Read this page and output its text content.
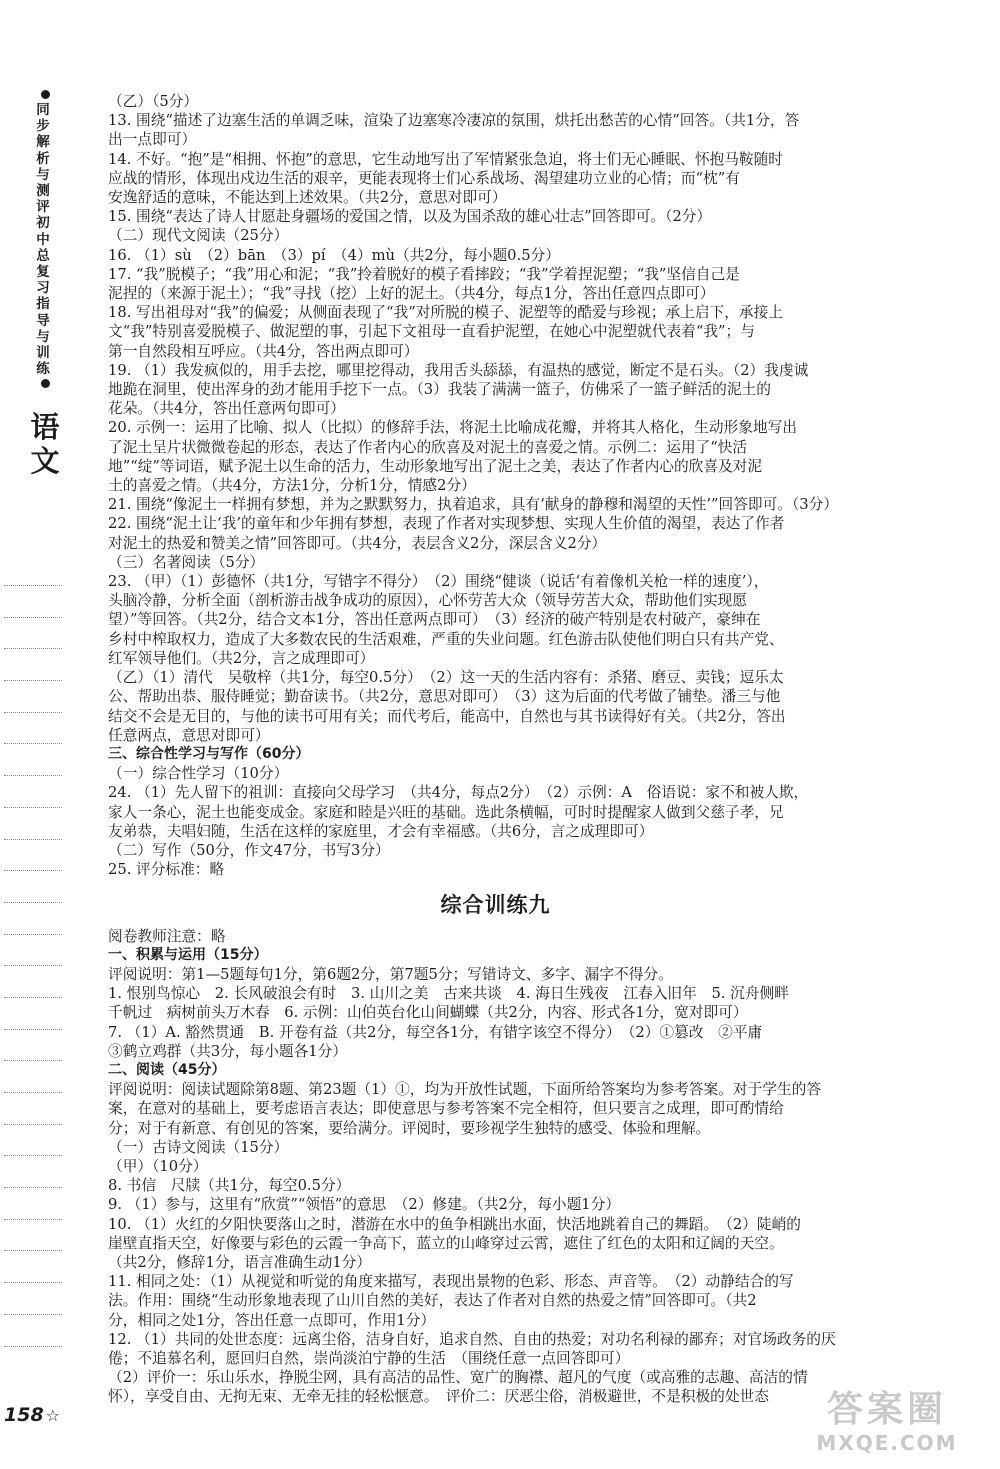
同步解析与测评
初中总复习指导与训练
语文

（乙）（5分）

13. 围绕“描述了边塞生活的单调乏味，渲染了边塞寒冷凄凉的氛围，烘托出愁苦的心情”回答。（共1分，答

出一点即可）

14. 不好。“抱”是“相拥、怀抱”的意思，它生动地写出了军情紧张急迫，将士们无心睡眠、怀抱马鞍随时

应战的情形，体现出戍边生活的艰辛，更能表现将士们心系战场、渴望建功立业的心情；而“枕”有

安逸舒适的意味，不能达到上述效果。（共2分，意思对即可）

15. 围绕“表达了诗人甘愿赴身疆场的爱国之情，以及为国杀敌的雄心壮志”回答即可。（2分）

（二）现代文阅读（25分）

16. （1）sù　（2）bān　（3）pí　（4）mù（共2分，每小题0.5分）

17. “我”脱模子；“我”用心和泥；“我”拎着脱好的模子看摔跤；“我”学着捏泥塑；“我”坚信自己是

泥捏的（来源于泥土）；“我”寻找（挖）上好的泥土。（共4分，每点1分，答出任意四点即可）

18. 写出祖母对“我”的偏爱；从侧面表现了“我”对所脱的模子、泥塑等的酷爱与珍视；承上启下，承接上

文“我”特别喜爱脱模子、做泥塑的事，引起下文祖母一直看护泥塑，在她心中泥塑就代表着“我”；与

第一自然段相互呼应。（共4分，答出两点即可）

19. （1）我发疯似的，用手去挖，哪里挖得动，我用舌头舔舔，有温热的感觉，断定不是石头。（2）我虔诚

地跪在洞里，使出浑身的劲才能用手挖下一点。（3）我装了满满一篮子，仿佛采了一篮子鲜活的泥土的

花朵。（共4分，答出任意两句即可）

20. 示例一：运用了比喻、拟人（比拟）的修辞手法，将泥土比喻成花瓣，并将其人格化，生动形象地写出

了泥土呈片状微微卷起的形态，表达了作者内心的欣喜及对泥土的喜爱之情。示例二：运用了“快活

地”“绽”等词语，赋予泥土以生命的活力，生动形象地写出了泥土之美，表达了作者内心的欣喜及对泥

土的喜爱之情。（共4分，方法1分，分析1分，情感2分）

21. 围绕“像泥土一样拥有梦想，并为之默默努力，执着追求，具有‘献身的静穆和渴望的天性’”回答即可。（3分）

22. 围绕“泥土让‘我’的童年和少年拥有梦想，表现了作者对实现梦想、实现人生价值的渴望，表达了作者

对泥土的热爱和赞美之情”回答即可。（共4分，表层含义2分，深层含义2分）

（三）名著阅读（5分）

23. （甲）（1）彭德怀（共1分，写错字不得分）　（2）围绕“健谈（说话‘有着像机关枪一样的速度’），

头脑冷静，分析全面（剖析游击战争成功的原因），心怀劳苦大众（领导劳苦大众，帮助他们实现愿

望）”等回答。（共2分，结合文本1分，答出任意两点即可）　（3）经济的破产特别是农村破产，豪绅在

乡村中榨取权力，造成了大多数农民的生活艰难，严重的失业问题。红色游击队使他们明白只有共产党、

红军领导他们。（共2分，言之成理即可）

（乙）（1）清代　吴敬梓（共1分，每空0.5分）　（2）这一天的生活内容有：杀猪、磨豆、卖钱；逗乐太

公、帮助出恭、服侍睡觉；勤奋读书。（共2分，意思对即可）　（3）这为后面的代考做了铺垫。潘三与他

结交不会是无目的，与他的读书可用有关；而代考后，能高中，自然也与其书读得好有关。（共2分，答出

任意两点，意思对即可）

三、综合性学习与写作（60分）

（一）综合性学习（10分）

24. （1）先人留下的祖训：直接向父母学习　（共4分，每点2分）　（2）示例：A　俗语说：家不和被人欺，

家人一条心，泥土也能变成金。家庭和睦是兴旺的基础。选此条横幅，可时时提醒家人做到父慈子孝，兄

友弟恭，夫唱妇随，生活在这样的家庭里，才会有幸福感。（共6分，言之成理即可）

（二）写作（50分，作文47分，书写3分）

25. 评分标准：略

综合训练九

阅卷教师注意：略

一、积累与运用（15分）

评阅说明：第1—5题每句1分，第6题2分，第7题5分；写错诗文、多字、漏字不得分。

1. 恨别鸟惊心　2. 长风破浪会有时　3. 山川之美　古来共谈　4. 海日生残夜　江春入旧年　5. 沉舟侧畔

千帆过　病树前头万木春　6. 示例：山伯英台化山间蝴蝶（共2分，内容、形式各1分，宽对即可）

7. （1）A. 豁然贯通　B. 开卷有益（共2分，每空各1分，有错字该空不得分）　（2）①篡改　②平庸

③鹤立鸡群（共3分，每小题各1分）

二、阅读（45分）

评阅说明：阅读试题除第8题、第23题（1）①，均为开放性试题，下面所给答案均为参考答案。对于学生的答

案，在意对的基础上，要考虑语言表达；即使意思与参考答案不完全相符，但只要言之成理，即可酌情给

分；对于有新意、有创见的答案，要给满分。评阅时，要珍视学生独特的感受、体验和理解。

（一）古诗文阅读（15分）

（甲）（10分）

8. 书信　尺牍（共1分，每空0.5分）

9. （1）参与，这里有“欣赏”“领悟”的意思　（2）修建。（共2分，每小题1分）

10. （1）火红的夕阳快要落山之时，潜游在水中的鱼争相跳出水面，快活地跳着自己的舞蹈。　（2）陡峭的

崖壁直指天空，好像要与彩色的云霞一争高下，蓝立的山峰穿过云霄，遮住了红色的太阳和辽阔的天空。

（共2分，修辞1分，语言准确生动1分）

11. 相同之处：（1）从视觉和听觉的角度来描写，表现出景物的色彩、形态、声音等。　（2）动静结合的写

法。作用：围绕“生动形象地表现了山川自然的美好，表达了作者对自然的热爱之情”回答即可。（共2

分，相同之处1分，答出任意一点即可，作用1分）

12. （1）共同的处世态度：远离尘俗，洁身自好，追求自然、自由的热爱；对功名利禄的鄙弃；对官场政务的厌

倦；不追慕名利，愿回归自然，崇尚淡泊宁静的生活　（围绕任意一点回答即可）

（2）评价一：乐山乐水，挣脱尘网，具有高洁的品性、宽广的胸襟、超凡的气度（或高雅的志趣、高洁的情

怀），享受自由、无拘无束、无牵无挂的轻松惬意。　评价二：厌恶尘俗，消极避世，不是积极的处世态

158 ☆	答案圈
MXQE.COM
